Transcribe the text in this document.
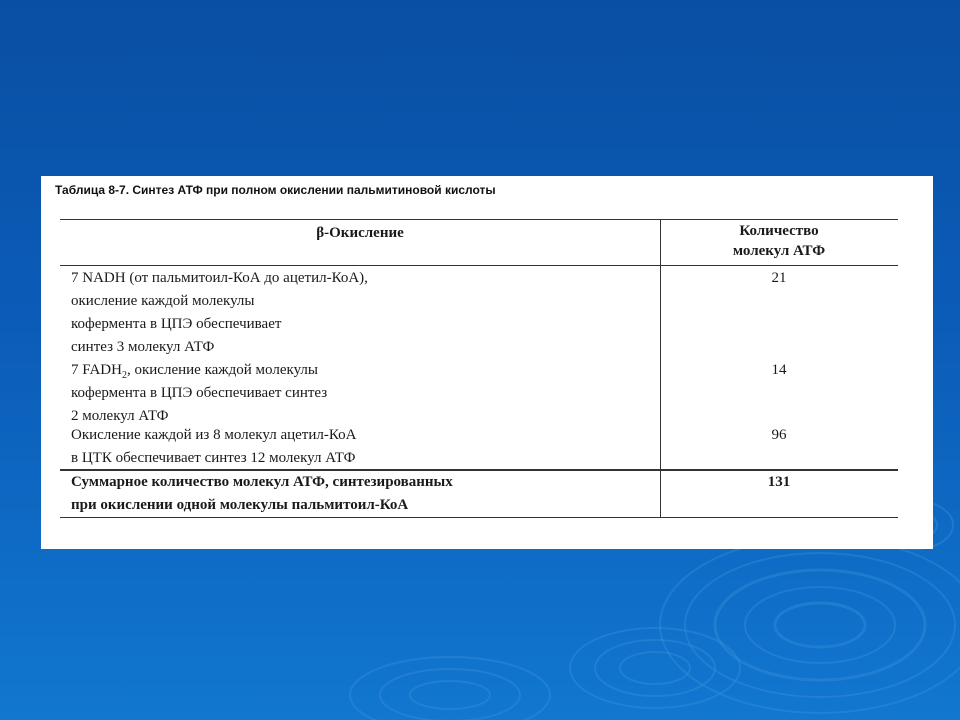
Таблица 8-7. Синтез АТФ при полном окислении пальмитиновой кислоты
β-Окисление	Количество
молекул АТФ
7 NADH (от пальмитоил-КоА до ацетил-КоА),
окисление каждой молекулы
кофермента в ЦПЭ обеспечивает
синтез 3 молекул АТФ
21
7 $FADH_2$, окисление каждой молекулы
кофермента в ЦПЭ обеспечивает синтез
2 молекул АТФ
14
Окисление каждой из 8 молекул ацетил-КоА
в ЦТК обеспечивает синтез 12 молекул АТФ
96
Суммарное количество молекул АТФ, синтезированных
при окислении одной молекулы пальмитоил-КоА
131
